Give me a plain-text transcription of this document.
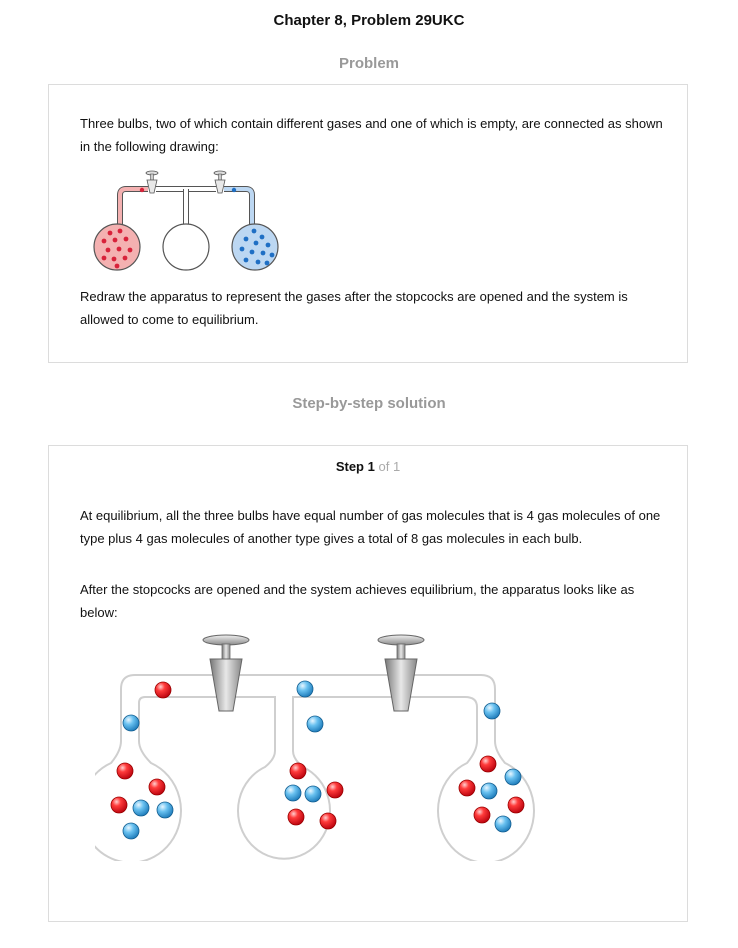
Chapter 8, Problem 29UKC
Problem

Three bulbs, two of which contain different gases and one of which is empty, are connected as shown in the following drawing:

Redraw the apparatus to represent the gases after the stopcocks are opened and the system is allowed to come to equilibrium.

Step-by-step solution
Step 1 of 1

At equilibrium, all the three bulbs have equal number of gas molecules that is 4 gas molecules of one type plus 4 gas molecules of another type gives a total of 8 gas molecules in each bulb.

After the stopcocks are opened and the system achieves equilibrium, the apparatus looks like as below:
